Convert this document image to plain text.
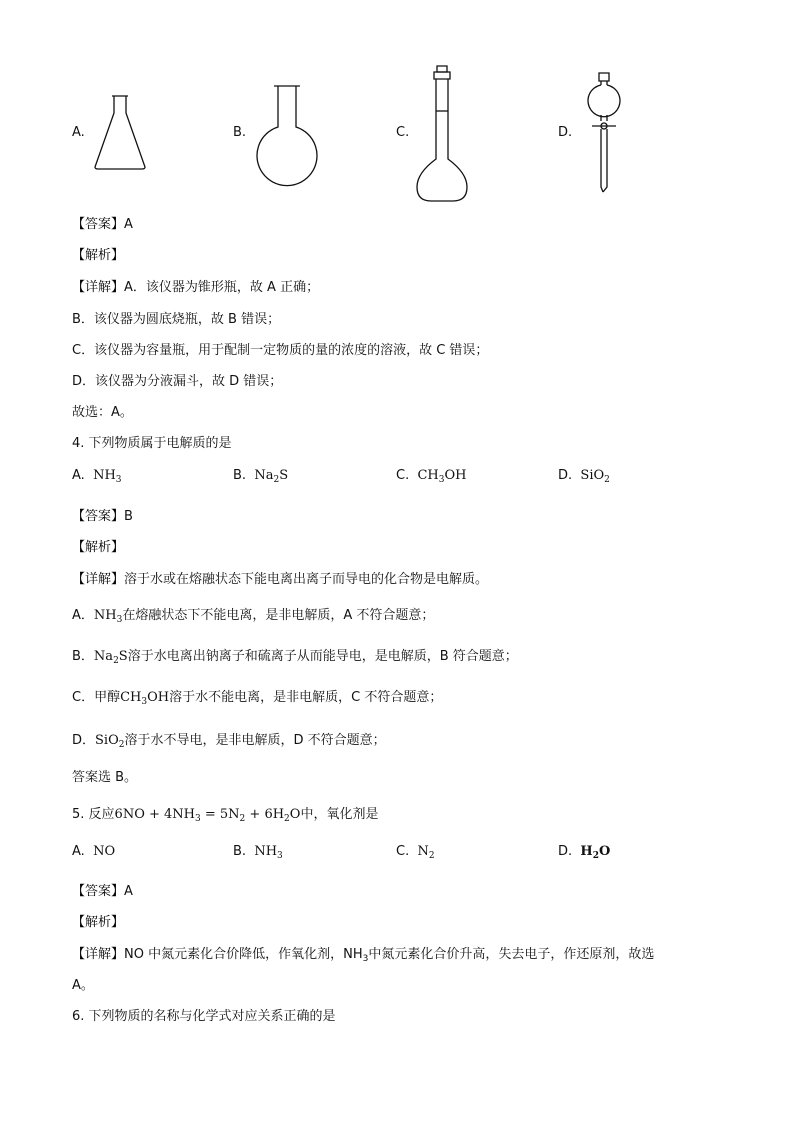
A.	B.	C.	D.
【答案】A
【解析】
【详解】A．该仪器为锥形瓶，故 A 正确；
B．该仪器为圆底烧瓶，故 B 错误；
C．该仪器为容量瓶，用于配制一定物质的量的浓度的溶液，故 C 错误；
D．该仪器为分液漏斗，故 D 错误；
故选：A。
4. 下列物质属于电解质的是
A. $NH_3$	B. $Na_2S$	C. $CH_3OH$	D. SiO$_2$
【答案】B
【解析】
【详解】溶于水或在熔融状态下能电离出离子而导电的化合物是电解质。
A．$NH_3$在熔融状态下不能电离，是非电解质，A 不符合题意；
B．$Na_2S$溶于水电离出钠离子和硫离子从而能导电，是电解质，B 符合题意；
C．甲醇$CH_3OH$溶于水不能电离，是非电解质，C 不符合题意；
D．SiO$_2$溶于水不导电，是非电解质，D 不符合题意；
答案选 B。
5. 反应$6NO + 4NH_3 = 5N_2 + 6H_2O$中，氧化剂是
A. NO	B. $NH_3$	C. $N_2$	D. $H_2O$
【答案】A
【解析】
【详解】NO 中氮元素化合价降低，作氧化剂，$NH_3$中氮元素化合价升高，失去电子，作还原剂，故选
A。
6. 下列物质的名称与化学式对应关系正确的是
